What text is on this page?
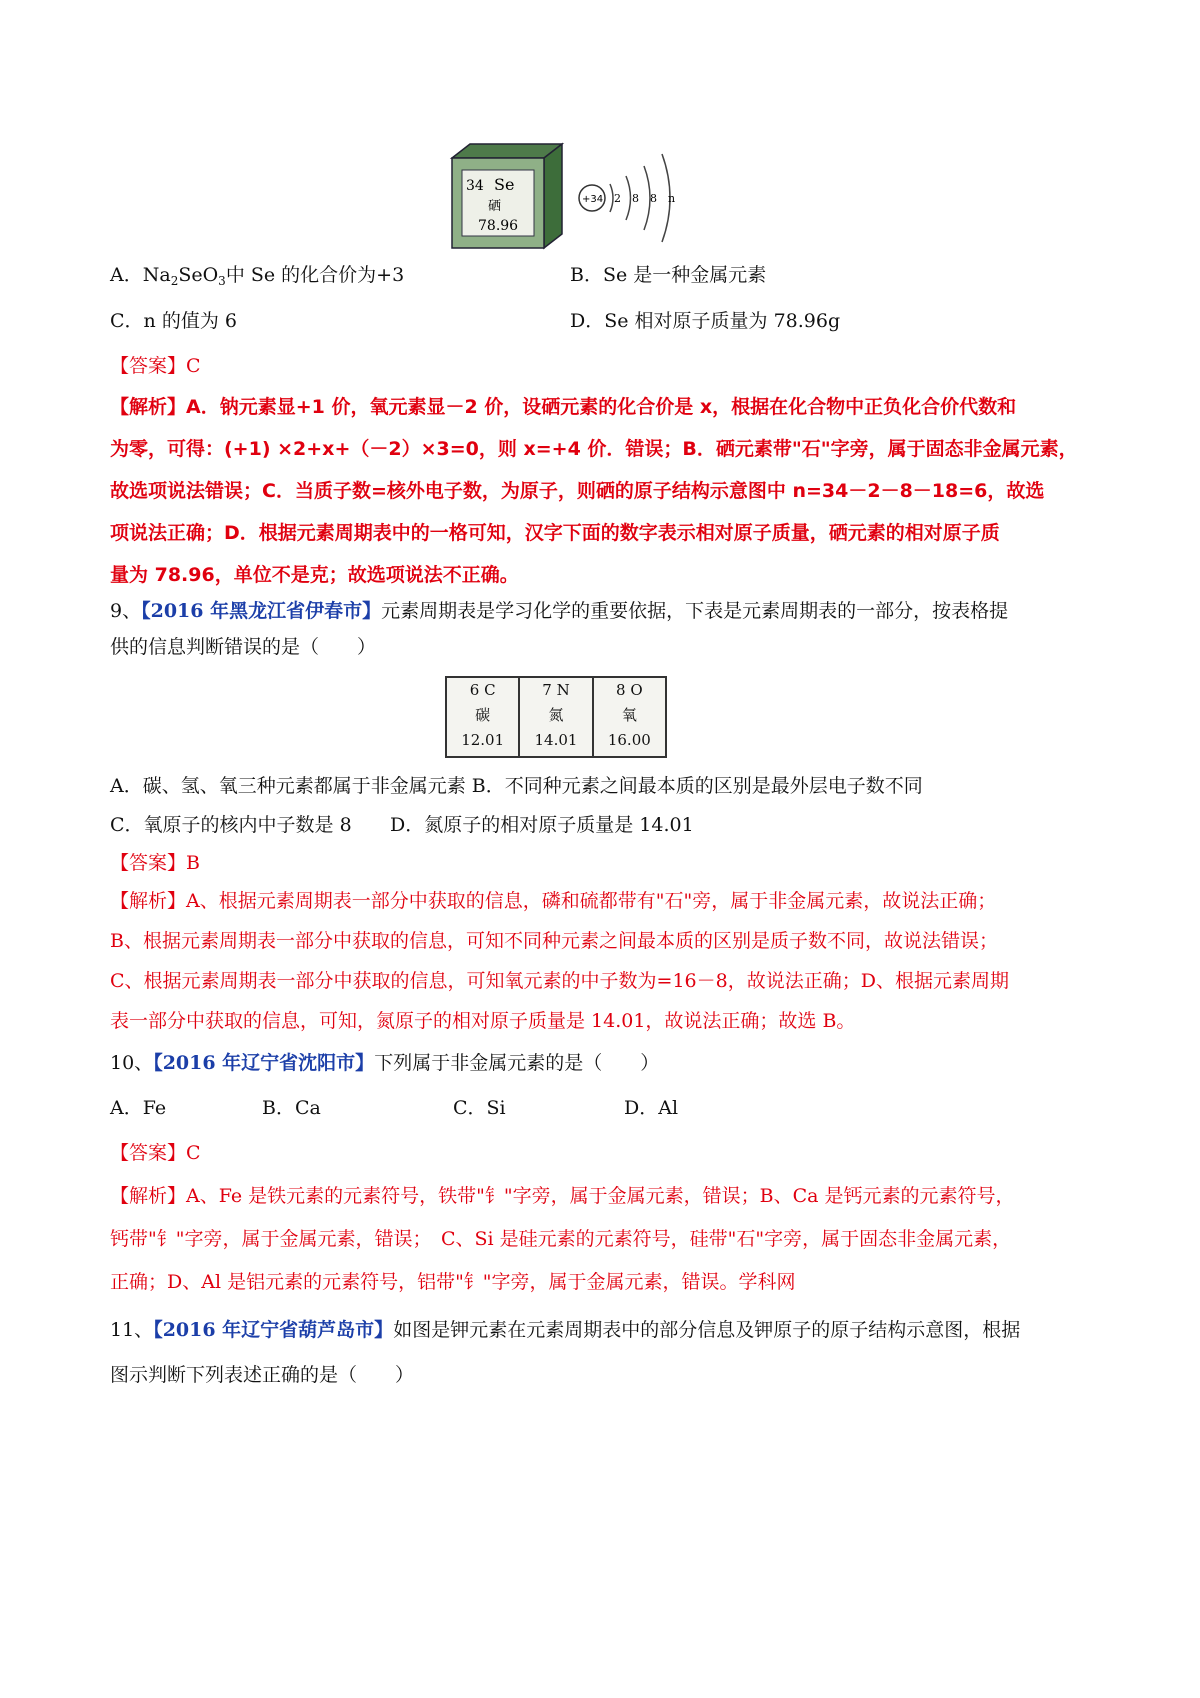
34 Se
硒
78.96
+34 2 8 8 n
A．$Na_2SeO_3$中 Se 的化合价为+3	B．Se 是一种金属元素
C．n 的值为 6	D．Se 相对原子质量为 78.96g
【答案】C
【解析】A．钠元素显+1 价，氧元素显－2 价，设硒元素的化合价是 x，根据在化合物中正负化合价代数和
为零，可得：(+1) ×2+x+（－2）×3=0，则 x=+4 价．错误；B．硒元素带"石"字旁，属于固态非金属元素，
故选项说法错误；C．当质子数=核外电子数，为原子，则硒的原子结构示意图中 n=34－2－8－18=6，故选
项说法正确；D．根据元素周期表中的一格可知，汉字下面的数字表示相对原子质量，硒元素的相对原子质
量为 78.96，单位不是克；故选项说法不正确。
9、【2016 年黑龙江省伊春市】元素周期表是学习化学的重要依据，下表是元素周期表的一部分，按表格提
供的信息判断错误的是（　　）
6 C
碳
12.01
7 N
氮
14.01
8 O
氧
16.00
A．碳、氢、氧三种元素都属于非金属元素 B．不同种元素之间最本质的区别是最外层电子数不同
C．氧原子的核内中子数是 8 D．氮原子的相对原子质量是 14.01
【答案】B
【解析】A、根据元素周期表一部分中获取的信息，磷和硫都带有"石"旁，属于非金属元素，故说法正确；
B、根据元素周期表一部分中获取的信息，可知不同种元素之间最本质的区别是质子数不同，故说法错误；
C、根据元素周期表一部分中获取的信息，可知氧元素的中子数为=16－8，故说法正确；D、根据元素周期
表一部分中获取的信息，可知，氮原子的相对原子质量是 14.01，故说法正确；故选 B。
10、【2016 年辽宁省沈阳市】下列属于非金属元素的是（　　）
A．Fe	B．Ca	C．Si	D．Al
【答案】C
【解析】A、Fe 是铁元素的元素符号，铁带"钅"字旁，属于金属元素，错误；B、Ca 是钙元素的元素符号，
钙带"钅"字旁，属于金属元素，错误；　C、Si 是硅元素的元素符号，硅带"石"字旁，属于固态非金属元素，
正确；D、Al 是铝元素的元素符号，铝带"钅"字旁，属于金属元素，错误。学科网
11、【2016 年辽宁省葫芦岛市】如图是钾元素在元素周期表中的部分信息及钾原子的原子结构示意图，根据
图示判断下列表述正确的是（　　）
